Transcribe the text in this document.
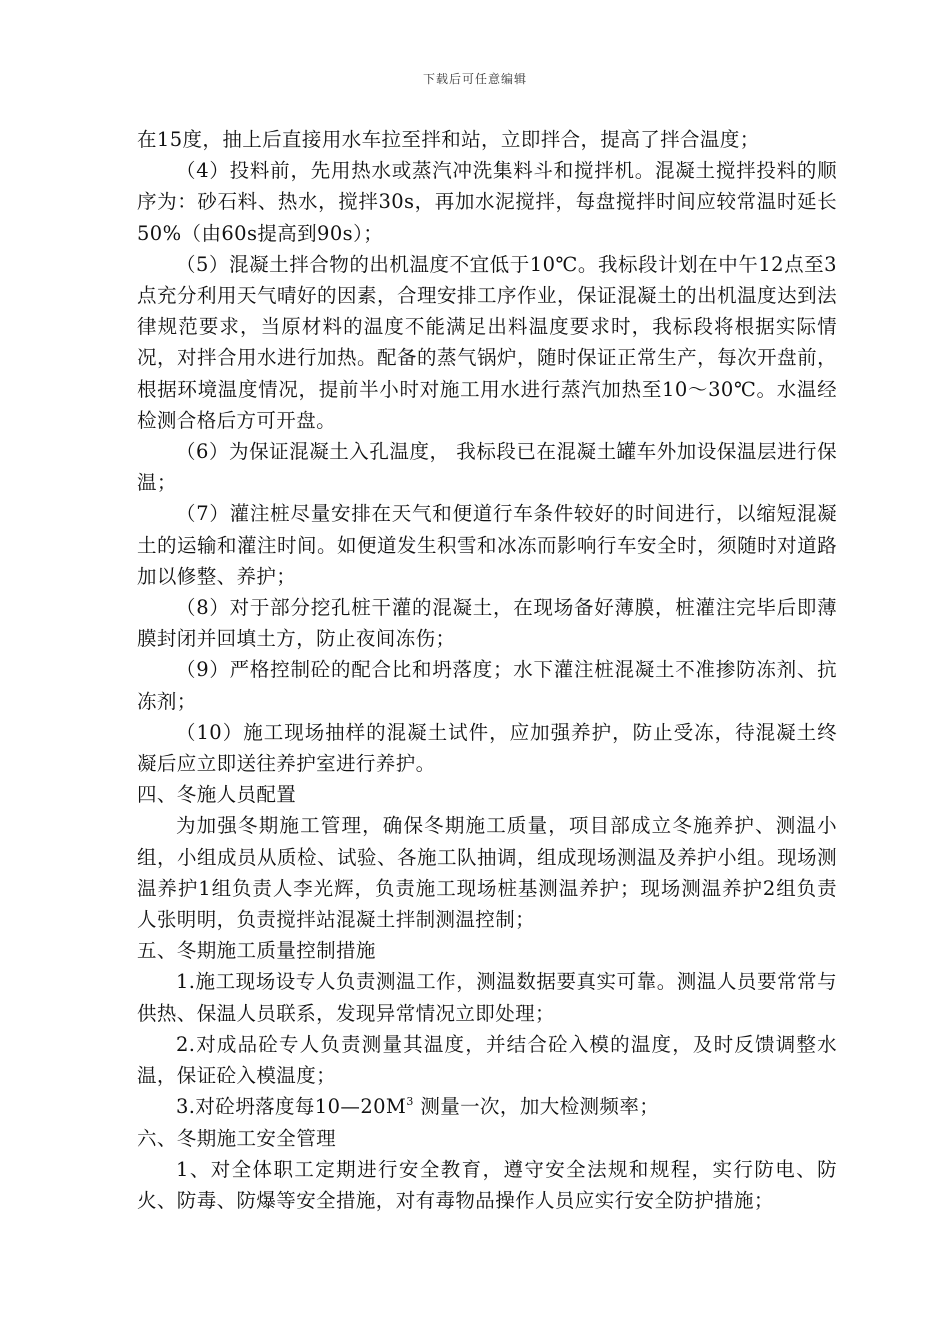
下载后可任意编辑

在15度，抽上后直接用水车拉至拌和站，立即拌合，提高了拌合温度；

（4）投料前，先用热水或蒸汽冲洗集料斗和搅拌机。混凝土搅拌投料的顺序为：砂石料、热水，搅拌30s，再加水泥搅拌，每盘搅拌时间应较常温时延长50%（由60s提高到90s）；

（5）混凝土拌合物的出机温度不宜低于10℃。我标段计划在中午12点至3点充分利用天气晴好的因素，合理安排工序作业，保证混凝土的出机温度达到法律规范要求，当原材料的温度不能满足出料温度要求时，我标段将根据实际情况，对拌合用水进行加热。配备的蒸气锅炉，随时保证正常生产，每次开盘前，根据环境温度情况，提前半小时对施工用水进行蒸汽加热至10～30℃。水温经检测合格后方可开盘。

（6）为保证混凝土入孔温度， 我标段已在混凝土罐车外加设保温层进行保温；

（7）灌注桩尽量安排在天气和便道行车条件较好的时间进行，以缩短混凝土的运输和灌注时间。如便道发生积雪和冰冻而影响行车安全时，须随时对道路加以修整、养护；

（8）对于部分挖孔桩干灌的混凝土，在现场备好薄膜，桩灌注完毕后即薄膜封闭并回填土方，防止夜间冻伤；

（9）严格控制砼的配合比和坍落度；水下灌注桩混凝土不准掺防冻剂、抗冻剂；

（10）施工现场抽样的混凝土试件，应加强养护，防止受冻，待混凝土终凝后应立即送往养护室进行养护。

四、冬施人员配置

为加强冬期施工管理，确保冬期施工质量，项目部成立冬施养护、测温小组，小组成员从质检、试验、各施工队抽调，组成现场测温及养护小组。现场测温养护1组负责人李光辉，负责施工现场桩基测温养护；现场测温养护2组负责人张明明，负责搅拌站混凝土拌制测温控制；

五、冬期施工质量控制措施

1.施工现场设专人负责测温工作，测温数据要真实可靠。测温人员要常常与供热、保温人员联系，发现异常情况立即处理；

2.对成品砼专人负责测量其温度，并结合砼入模的温度，及时反馈调整水温，保证砼入模温度；

3.对砼坍落度每$10—20M^3$ 测量一次，加大检测频率；

六、冬期施工安全管理

1、对全体职工定期进行安全教育，遵守安全法规和规程，实行防电、防火、防毒、防爆等安全措施，对有毒物品操作人员应实行安全防护措施；
